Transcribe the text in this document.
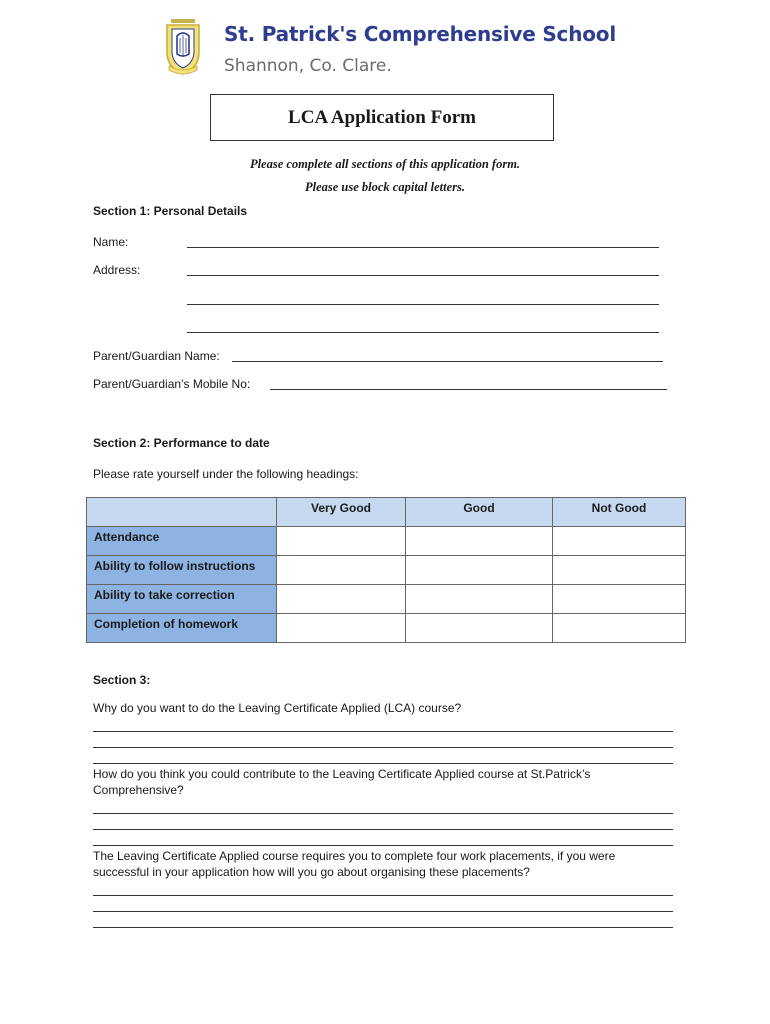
St. Patrick's Comprehensive School
Shannon, Co. Clare.
LCA Application Form
Please complete all sections of this application form.
Please use block capital letters.
Section 1: Personal Details
Name:
Address:
Parent/Guardian Name:
Parent/Guardian’s Mobile No:
Section 2: Performance to date
Please rate yourself under the following headings:
	Very Good	Good	Not Good
Attendance			
Ability to follow instructions			
Ability to take correction			
Completion of homework			
Section 3:
Why do you want to do the Leaving Certificate Applied (LCA) course?
How do you think you could contribute to the Leaving Certificate Applied course at St.Patrick’s
Comprehensive?
The Leaving Certificate Applied course requires you to complete four work placements, if you were
successful in your application how will you go about organising these placements?
